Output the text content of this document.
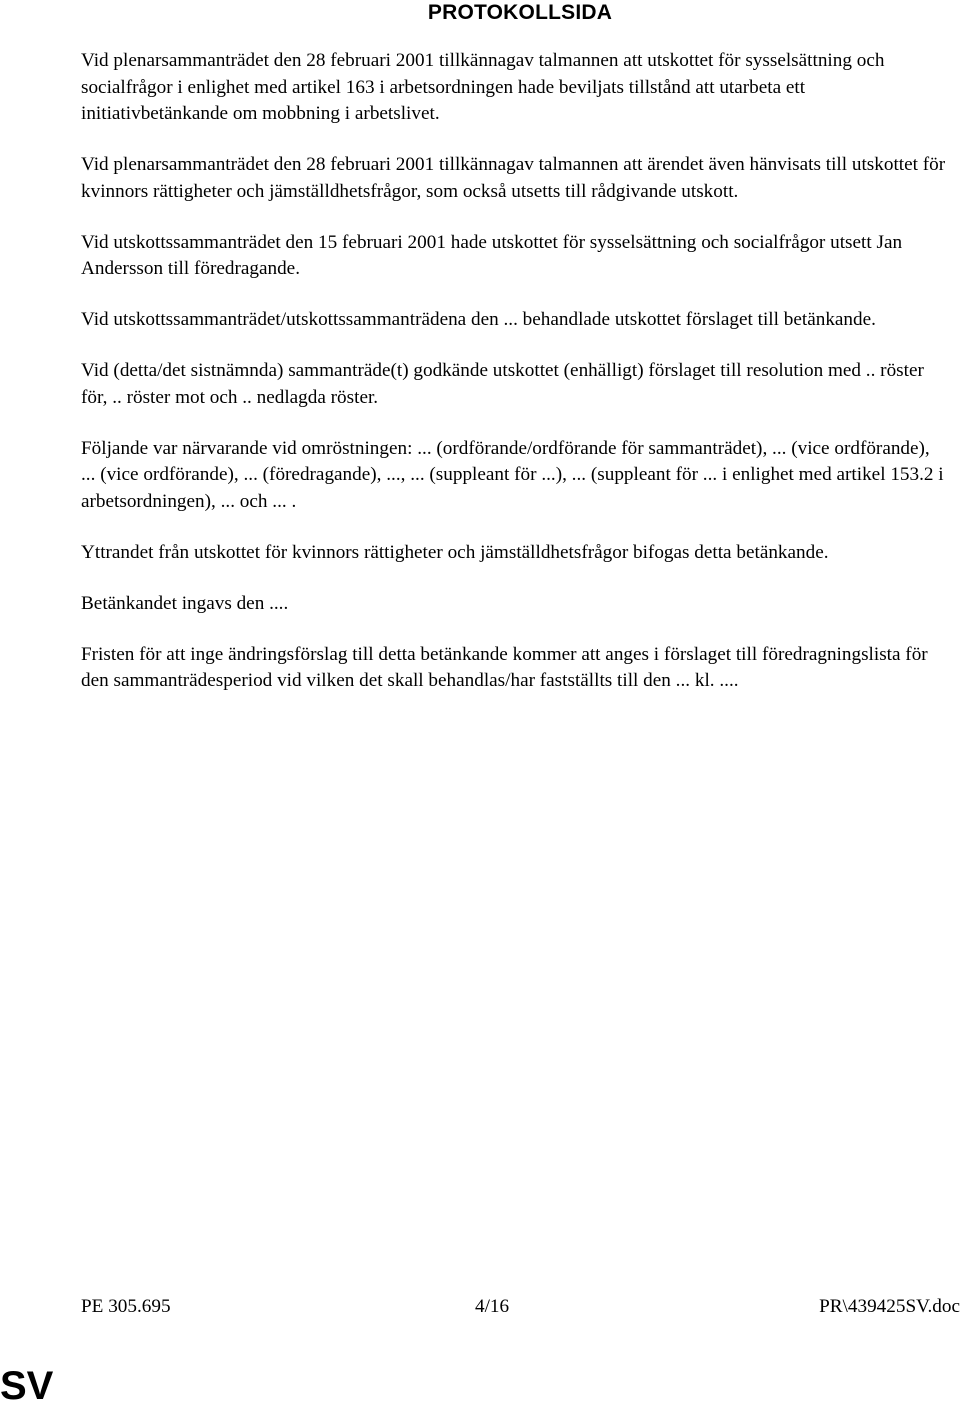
PROTOKOLLSIDA

Vid plenarsammanträdet den 28 februari 2001 tillkännagav talmannen att utskottet för sysselsättning och socialfrågor i enlighet med artikel 163 i arbetsordningen hade beviljats tillstånd att utarbeta ett initiativbetänkande om mobbning i arbetslivet.

Vid plenarsammanträdet den 28 februari 2001 tillkännagav talmannen att ärendet även hänvisats till utskottet för kvinnors rättigheter och jämställdhetsfrågor, som också utsetts till rådgivande utskott.

Vid utskottssammanträdet den 15 februari 2001 hade utskottet för sysselsättning och socialfrågor utsett Jan Andersson till föredragande.

Vid utskottssammanträdet/utskottssammanträdena den ... behandlade utskottet förslaget till betänkande.

Vid (detta/det sistnämnda) sammanträde(t) godkände utskottet (enhälligt) förslaget till resolution med .. röster för, .. röster mot och .. nedlagda röster.

Följande var närvarande vid omröstningen: ... (ordförande/ordförande för sammanträdet), ... (vice ordförande), ... (vice ordförande), ... (föredragande), ..., ... (suppleant för ...), ... (suppleant för ... i enlighet med artikel 153.2 i arbetsordningen), ... och ... .

Yttrandet från utskottet för kvinnors rättigheter och jämställdhetsfrågor bifogas detta betänkande.

Betänkandet ingavs den ....

Fristen för att inge ändringsförslag till detta betänkande kommer att anges i förslaget till föredragningslista för den sammanträdesperiod vid vilken det skall behandlas/har fastställts till den ... kl. ....

PE 305.695	4/16	PR\439425SV.doc
SV
